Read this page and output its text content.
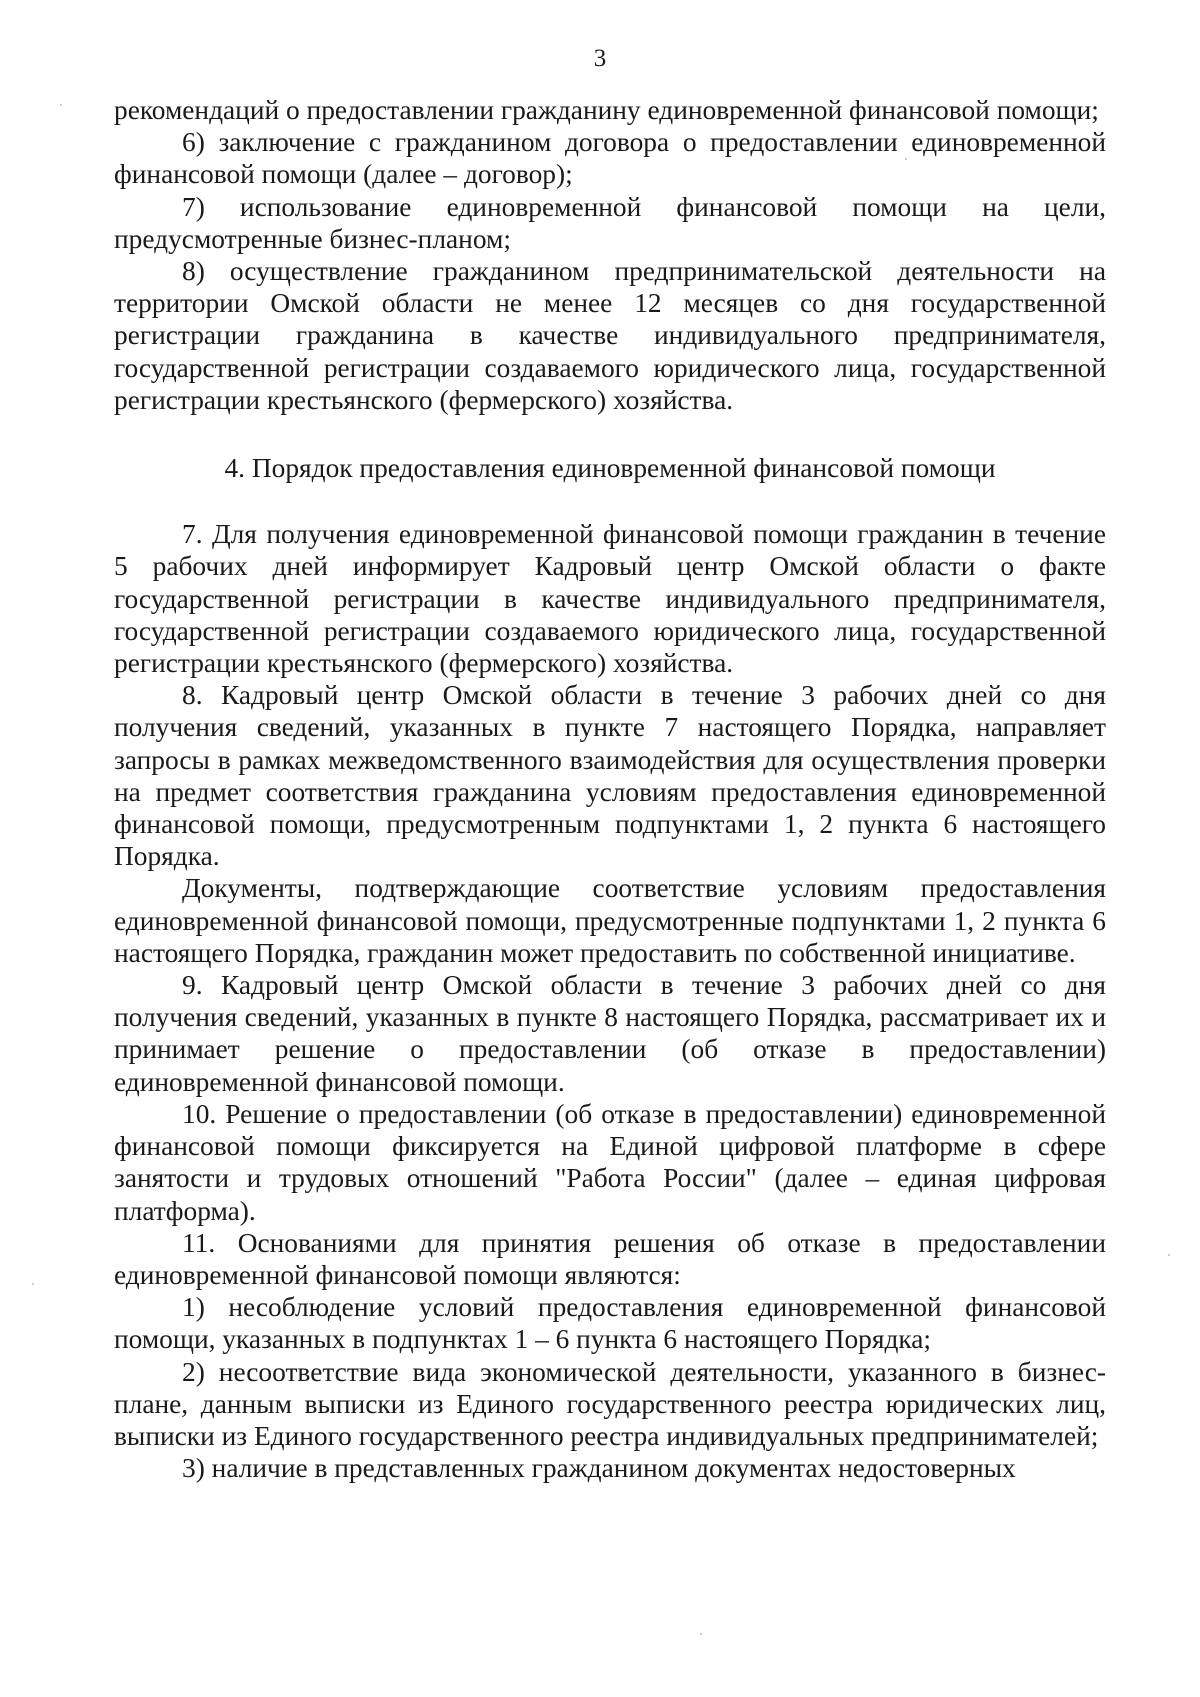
3

рекомендаций о предоставлении гражданину единовременной финансовой помощи;

6) заключение с гражданином договора о предоставлении единовременной финансовой помощи (далее – договор);

7) использование единовременной финансовой помощи на цели, предусмотренные бизнес-планом;

8) осуществление гражданином предпринимательской деятельности на территории Омской области не менее 12 месяцев со дня государственной регистрации гражданина в качестве индивидуального предпринимателя, государственной регистрации создаваемого юридического лица, государственной регистрации крестьянского (фермерского) хозяйства.

4. Порядок предоставления единовременной финансовой помощи

7. Для получения единовременной финансовой помощи гражданин в течение 5 рабочих дней информирует Кадровый центр Омской области о факте государственной регистрации в качестве индивидуального предпринимателя, государственной регистрации создаваемого юридического лица, государственной регистрации крестьянского (фермерского) хозяйства.

8. Кадровый центр Омской области в течение 3 рабочих дней со дня получения сведений, указанных в пункте 7 настоящего Порядка, направляет запросы в рамках межведомственного взаимодействия для осуществления проверки на предмет соответствия гражданина условиям предоставления единовременной финансовой помощи, предусмотренным подпунктами 1, 2 пункта 6 настоящего Порядка.

Документы, подтверждающие соответствие условиям предоставления единовременной финансовой помощи, предусмотренные подпунктами 1, 2 пункта 6 настоящего Порядка, гражданин может предоставить по собственной инициативе.

9. Кадровый центр Омской области в течение 3 рабочих дней со дня получения сведений, указанных в пункте 8 настоящего Порядка, рассматривает их и принимает решение о предоставлении (об отказе в предоставлении) единовременной финансовой помощи.

10. Решение о предоставлении (об отказе в предоставлении) единовременной финансовой помощи фиксируется на Единой цифровой платформе в сфере занятости и трудовых отношений "Работа России" (далее – единая цифровая платформа).

11. Основаниями для принятия решения об отказе в предоставлении единовременной финансовой помощи являются:

1) несоблюдение условий предоставления единовременной финансовой помощи, указанных в подпунктах 1 – 6 пункта 6 настоящего Порядка;

2) несоответствие вида экономической деятельности, указанного в бизнес-плане, данным выписки из Единого государственного реестра юридических лиц, выписки из Единого государственного реестра индивидуальных предпринимателей;

3) наличие в представленных гражданином документах недостоверных
